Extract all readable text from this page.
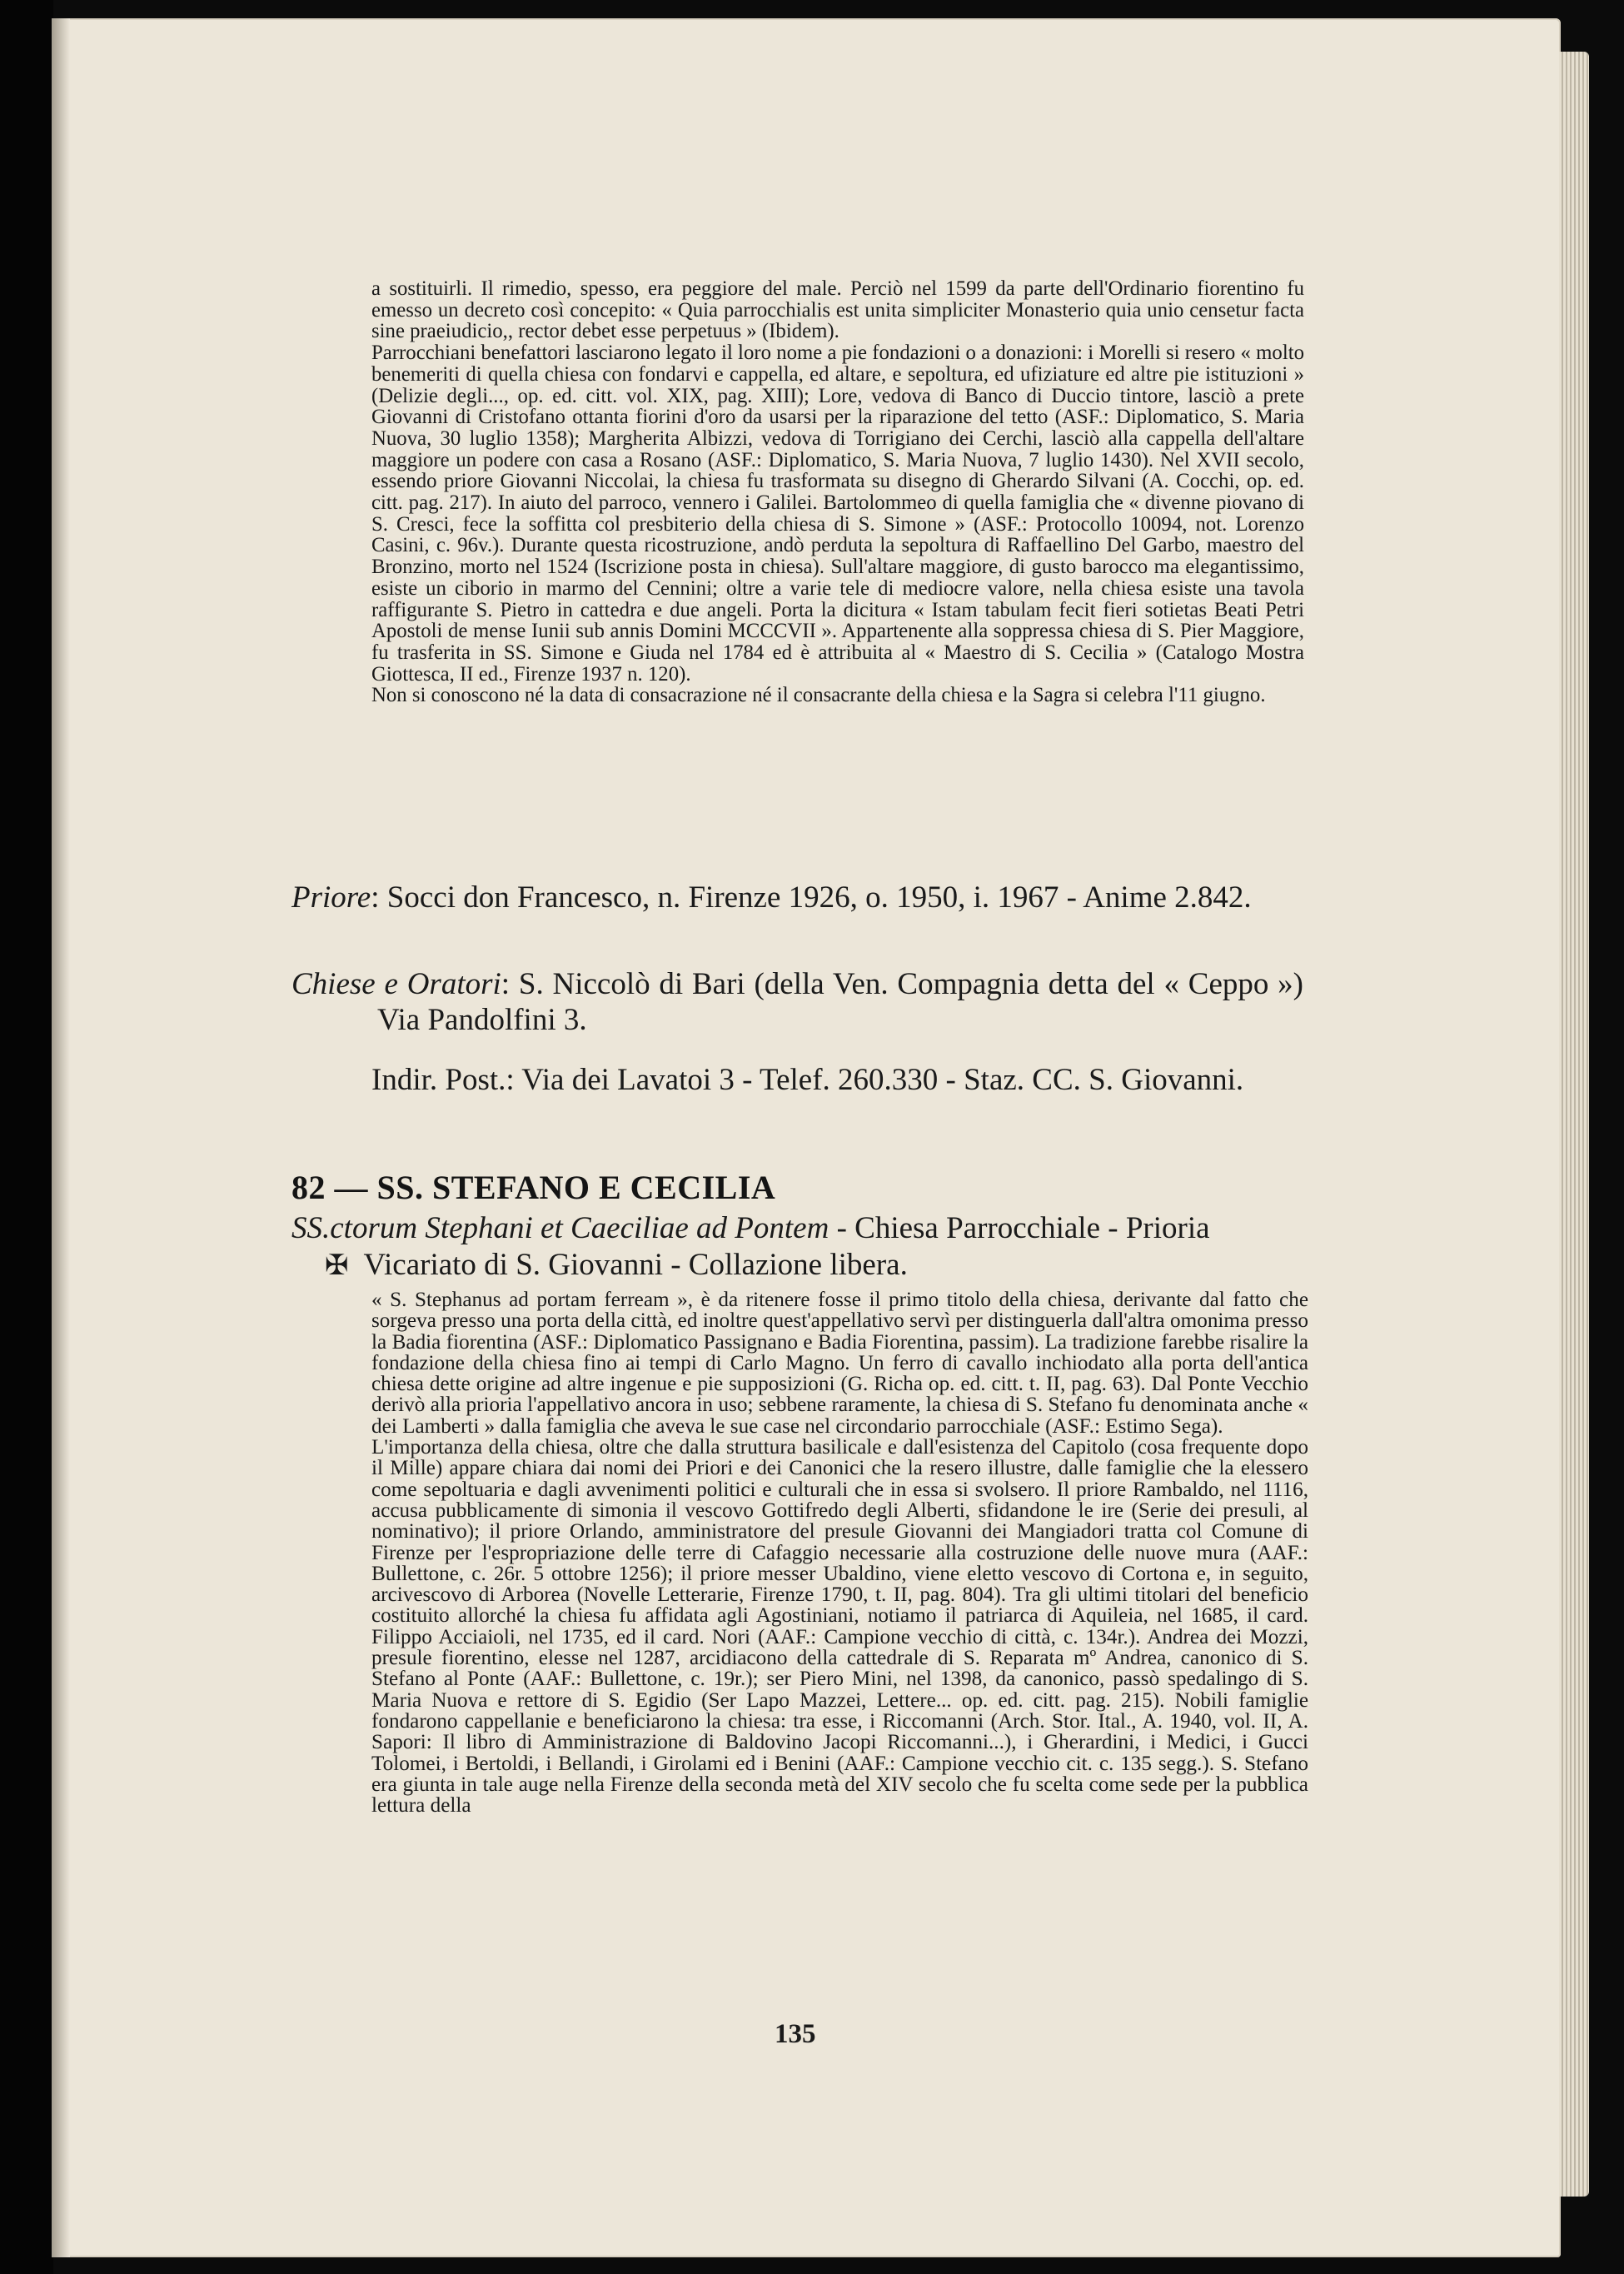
a sostituirli. Il rimedio, spesso, era peggiore del male. Perciò nel 1599 da parte dell'Ordinario fiorentino fu emesso un decreto così concepito: « Quia parrocchialis est unita simpliciter Monasterio quia unio censetur facta sine praeiudicio,, rector debet esse perpetuus » (Ibidem).

Parrocchiani benefattori lasciarono legato il loro nome a pie fondazioni o a donazioni: i Morelli si resero « molto benemeriti di quella chiesa con fondarvi e cappella, ed altare, e sepoltura, ed ufiziature ed altre pie istituzioni » (Delizie degli..., op. ed. citt. vol. XIX, pag. XIII); Lore, vedova di Banco di Duccio tintore, lasciò a prete Giovanni di Cristofano ottanta fiorini d'oro da usarsi per la riparazione del tetto (ASF.: Diplomatico, S. Maria Nuova, 30 luglio 1358); Margherita Albizzi, vedova di Torrigiano dei Cerchi, lasciò alla cappella dell'altare maggiore un podere con casa a Rosano (ASF.: Diplomatico, S. Maria Nuova, 7 luglio 1430). Nel XVII secolo, essendo priore Giovanni Niccolai, la chiesa fu trasformata su disegno di Gherardo Silvani (A. Cocchi, op. ed. citt. pag. 217). In aiuto del parroco, vennero i Galilei. Bartolommeo di quella famiglia che « divenne piovano di S. Cresci, fece la soffitta col presbiterio della chiesa di S. Simone » (ASF.: Protocollo 10094, not. Lorenzo Casini, c. 96v.). Durante questa ricostruzione, andò perduta la sepoltura di Raffaellino Del Garbo, maestro del Bronzino, morto nel 1524 (Iscrizione posta in chiesa). Sull'altare maggiore, di gusto barocco ma elegantissimo, esiste un ciborio in marmo del Cennini; oltre a varie tele di mediocre valore, nella chiesa esiste una tavola raffigurante S. Pietro in cattedra e due angeli. Porta la dicitura « Istam tabulam fecit fieri sotietas Beati Petri Apostoli de mense Iunii sub annis Domini MCCCVII ». Appartenente alla soppressa chiesa di S. Pier Maggiore, fu trasferita in SS. Simone e Giuda nel 1784 ed è attribuita al « Maestro di S. Cecilia » (Catalogo Mostra Giottesca, II ed., Firenze 1937 n. 120).

Non si conoscono né la data di consacrazione né il consacrante della chiesa e la Sagra si celebra l'11 giugno.

Priore: Socci don Francesco, n. Firenze 1926, o. 1950, i. 1967 - Anime 2.842.

Chiese e Oratori: S. Niccolò di Bari (della Ven. Compagnia detta del « Ceppo ») Via Pandolfini 3.

Indir. Post.: Via dei Lavatoi 3 - Telef. 260.330 - Staz. CC. S. Giovanni.

82 — SS. STEFANO E CECILIA
SS.ctorum Stephani et Caeciliae ad Pontem - Chiesa Parrocchiale - Prioria
✠ Vicariato di S. Giovanni - Collazione libera.

« S. Stephanus ad portam ferream », è da ritenere fosse il primo titolo della chiesa, derivante dal fatto che sorgeva presso una porta della città, ed inoltre quest'appellativo servì per distinguerla dall'altra omonima presso la Badia fiorentina (ASF.: Diplomatico Passignano e Badia Fiorentina, passim). La tradizione farebbe risalire la fondazione della chiesa fino ai tempi di Carlo Magno. Un ferro di cavallo inchiodato alla porta dell'antica chiesa dette origine ad altre ingenue e pie supposizioni (G. Richa op. ed. citt. t. II, pag. 63). Dal Ponte Vecchio derivò alla prioria l'appellativo ancora in uso; sebbene raramente, la chiesa di S. Stefano fu denominata anche « dei Lamberti » dalla famiglia che aveva le sue case nel circondario parrocchiale (ASF.: Estimo Sega).

L'importanza della chiesa, oltre che dalla struttura basilicale e dall'esistenza del Capitolo (cosa frequente dopo il Mille) appare chiara dai nomi dei Priori e dei Canonici che la resero illustre, dalle famiglie che la elessero come sepoltuaria e dagli avvenimenti politici e culturali che in essa si svolsero. Il priore Rambaldo, nel 1116, accusa pubblicamente di simonia il vescovo Gottifredo degli Alberti, sfidandone le ire (Serie dei presuli, al nominativo); il priore Orlando, amministratore del presule Giovanni dei Mangiadori tratta col Comune di Firenze per l'espropriazione delle terre di Cafaggio necessarie alla costruzione delle nuove mura (AAF.: Bullettone, c. 26r. 5 ottobre 1256); il priore messer Ubaldino, viene eletto vescovo di Cortona e, in seguito, arcivescovo di Arborea (Novelle Letterarie, Firenze 1790, t. II, pag. 804). Tra gli ultimi titolari del beneficio costituito allorché la chiesa fu affidata agli Agostiniani, notiamo il patriarca di Aquileia, nel 1685, il card. Filippo Acciaioli, nel 1735, ed il card. Nori (AAF.: Campione vecchio di città, c. 134r.). Andrea dei Mozzi, presule fiorentino, elesse nel 1287, arcidiacono della cattedrale di S. Reparata mº Andrea, canonico di S. Stefano al Ponte (AAF.: Bullettone, c. 19r.); ser Piero Mini, nel 1398, da canonico, passò spedalingo di S. Maria Nuova e rettore di S. Egidio (Ser Lapo Mazzei, Lettere... op. ed. citt. pag. 215). Nobili famiglie fondarono cappellanie e beneficiarono la chiesa: tra esse, i Riccomanni (Arch. Stor. Ital., A. 1940, vol. II, A. Sapori: Il libro di Amministrazione di Baldovino Jacopi Riccomanni...), i Gherardini, i Medici, i Gucci Tolomei, i Bertoldi, i Bellandi, i Girolami ed i Benini (AAF.: Campione vecchio cit. c. 135 segg.). S. Stefano era giunta in tale auge nella Firenze della seconda metà del XIV secolo che fu scelta come sede per la pubblica lettura della

135
